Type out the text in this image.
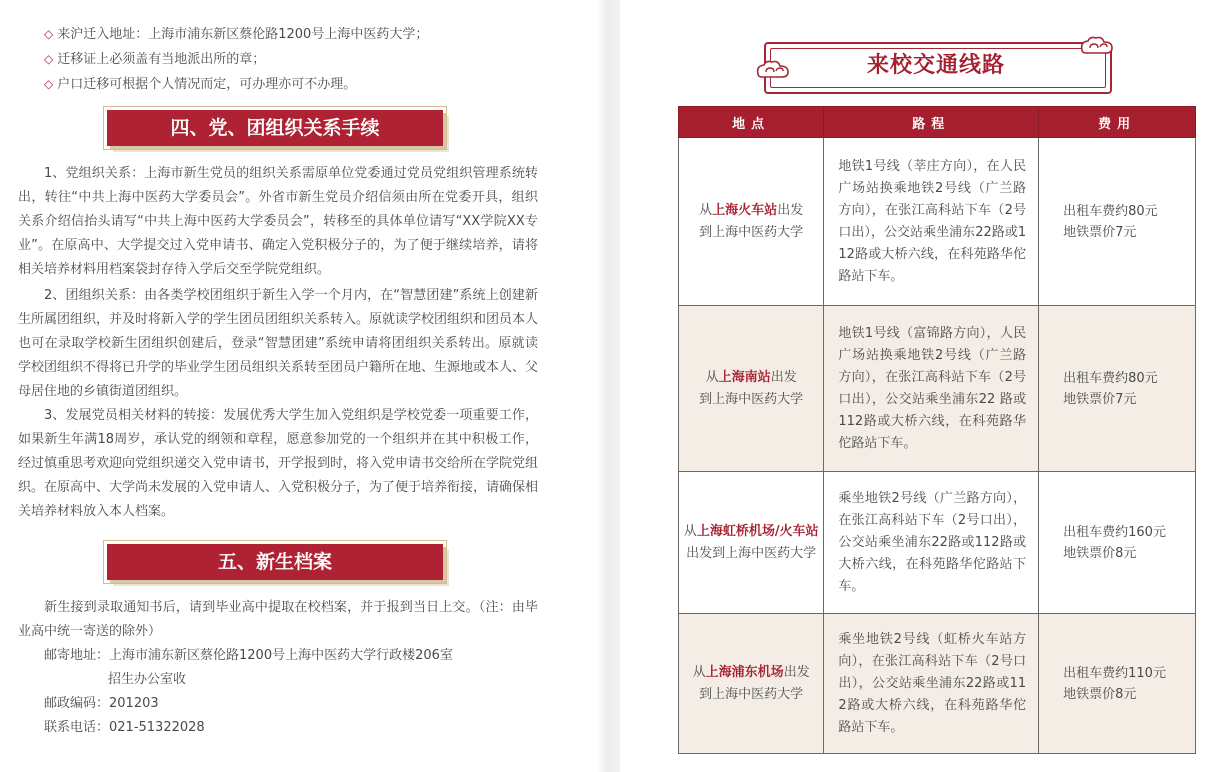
◇ 来沪迁入地址：上海市浦东新区蔡伦路1200号上海中医药大学；
◇ 迁移证上必须盖有当地派出所的章；
◇ 户口迁移可根据个人情况而定，可办理亦可不办理。
四、党、团组织关系手续
1、党组织关系：上海市新生党员的组织关系需原单位党委通过党员党组织管理系统转出，转往“中共上海中医药大学委员会”。外省市新生党员介绍信须由所在党委开具，组织关系介绍信抬头请写“中共上海中医药大学委员会”，转移至的具体单位请写“XX学院XX专业”。在原高中、大学提交过入党申请书、确定入党积极分子的，为了便于继续培养，请将相关培养材料用档案袋封存待入学后交至学院党组织。
2、团组织关系：由各类学校团组织于新生入学一个月内，在“智慧团建”系统上创建新生所属团组织，并及时将新入学的学生团员团组织关系转入。原就读学校团组织和团员本人也可在录取学校新生团组织创建后，登录“智慧团建”系统申请将团组织关系转出。原就读学校团组织不得将已升学的毕业学生团员组织关系转至团员户籍所在地、生源地或本人、父母居住地的乡镇街道团组织。
3、发展党员相关材料的转接：发展优秀大学生加入党组织是学校党委一项重要工作，如果新生年满18周岁，承认党的纲领和章程，愿意参加党的一个组织并在其中积极工作，经过慎重思考欢迎向党组织递交入党申请书，开学报到时，将入党申请书交给所在学院党组织。在原高中、大学尚未发展的入党申请人、入党积极分子，为了便于培养衔接，请确保相关培养材料放入本人档案。
五、新生档案
新生接到录取通知书后，请到毕业高中提取在校档案，并于报到当日上交。（注：由毕业高中统一寄送的除外）
邮寄地址：上海市浦东新区蔡伦路1200号上海中医药大学行政楼206室
招生办公室收
邮政编码：201203
联系电话：021-51322028
来校交通线路
地点	路程	费用
从上海火车站出发
到上海中医药大学	地铁1号线（莘庄方向），在人民广场站换乘地铁2号线（广兰路方向），在张江高科站下车（2号口出），公交站乘坐浦东22路或112路或大桥六线，在科苑路华佗路站下车。	出租车费约80元
地铁票价7元
从上海南站出发
到上海中医药大学	地铁1号线（富锦路方向），人民广场站换乘地铁2号线（广兰路方向），在张江高科站下车（2号口出），公交站乘坐浦东22 路或112路或大桥六线，在科苑路华佗路站下车。	出租车费约80元
地铁票价7元
从上海虹桥机场/火车站
出发到上海中医药大学	乘坐地铁2号线（广兰路方向），在张江高科站下车（2号口出），公交站乘坐浦东22路或112路或大桥六线，在科苑路华佗路站下车。	出租车费约160元
地铁票价8元
从上海浦东机场出发
到上海中医药大学	乘坐地铁2号线（虹桥火车站方向），在张江高科站下车（2号口出），公交站乘坐浦东22路或112路或大桥六线，在科苑路华佗路站下车。	出租车费约110元
地铁票价8元
